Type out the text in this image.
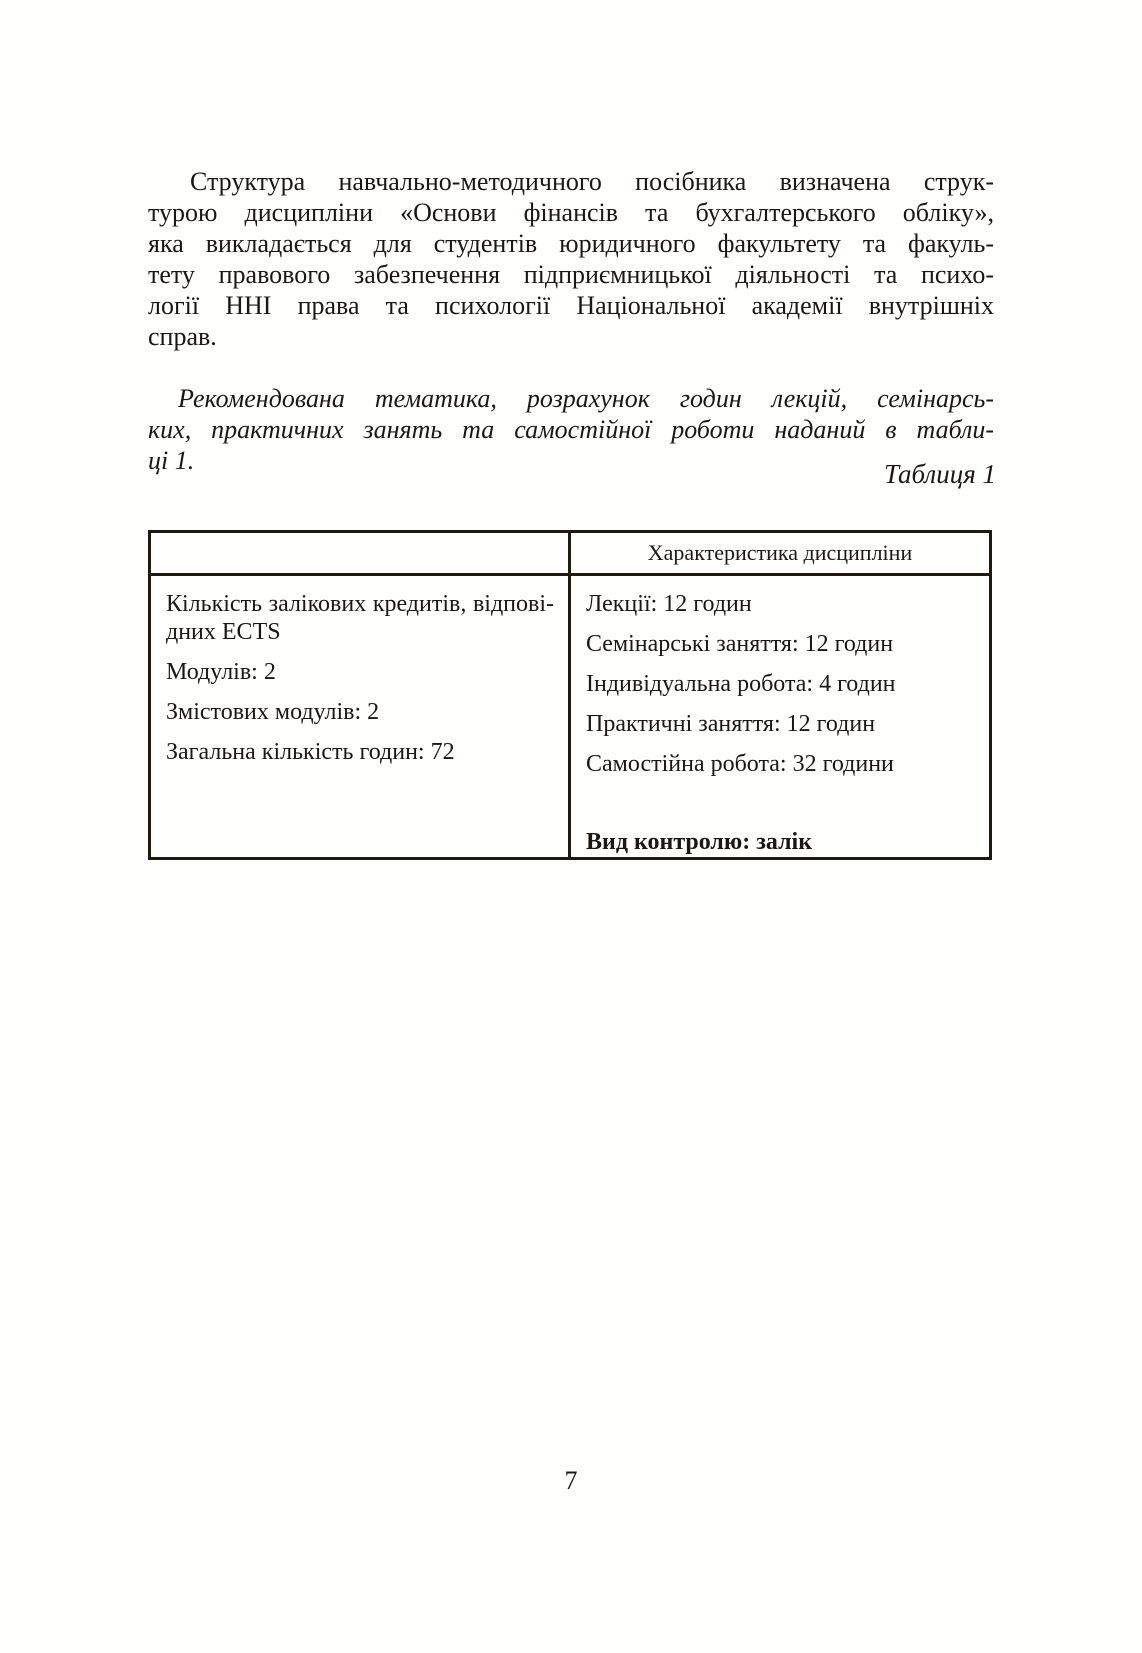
Структура навчально-методичного посібника визначена струк-
турою дисципліни «Основи фінансів та бухгалтерського обліку»,
яка викладається для студентів юридичного факультету та факуль-
тету правового забезпечення підприємницької діяльності та психо-
логії ННІ права та психології Національної академії внутрішніх
справ.
Рекомендована тематика, розрахунок годин лекцій, семінарсь-
ких, практичних занять та самостійної роботи наданий в табли-
ці 1.	Таблиця 1
Характеристика дисципліни
Кількість залікових кредитів, відпові-
дних ECTS
Модулів: 2
Змістових модулів: 2
Загальна кількість годин: 72
Лекції: 12 годин
Семінарські заняття: 12 годин
Індивідуальна робота: 4 годин
Практичні заняття: 12 годин
Самостійна робота: 32 години
Вид контролю: залік
7
